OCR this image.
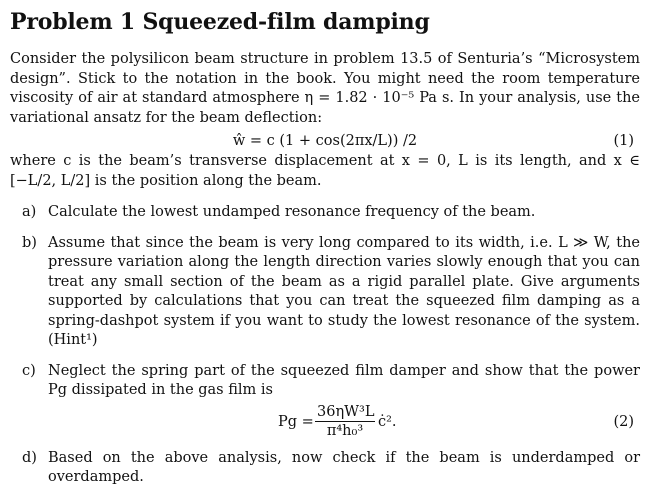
Problem 1 Squeezed-film damping

Consider the polysilicon beam structure in problem 13.5 of Senturia’s “Microsystem design”. Stick to the notation in the book. You might need the room temperature viscosity of air at standard atmosphere η = 1.82 · 10⁻⁵ Pa s. In your analysis, use the variational ansatz for the beam deflection:

ŵ = c (1 + cos(2πx/L)) /2	(1)

where c is the beam’s transverse displacement at x = 0, L is its length, and x ∈ [−L/2, L/2] is the position along the beam.

a) Calculate the lowest undamped resonance frequency of the beam.
b) Assume that since the beam is very long compared to its width, i.e. L ≫ W, the pressure variation along the length direction varies slowly enough that you can treat any small section of the beam as a rigid parallel plate. Give arguments supported by calculations that you can treat the squeezed film damping as a spring-dashpot system if you want to study the lowest resonance of the system. (Hint¹)
c) Neglect the spring part of the squeezed film damper and show that the power Pg dissipated in the gas film is
$Pg = \frac{\text{36ηW³L}}{\text{π⁴h₀³}}$ ċ².	(2)
d) Based on the above analysis, now check if the beam is underdamped or overdamped.
